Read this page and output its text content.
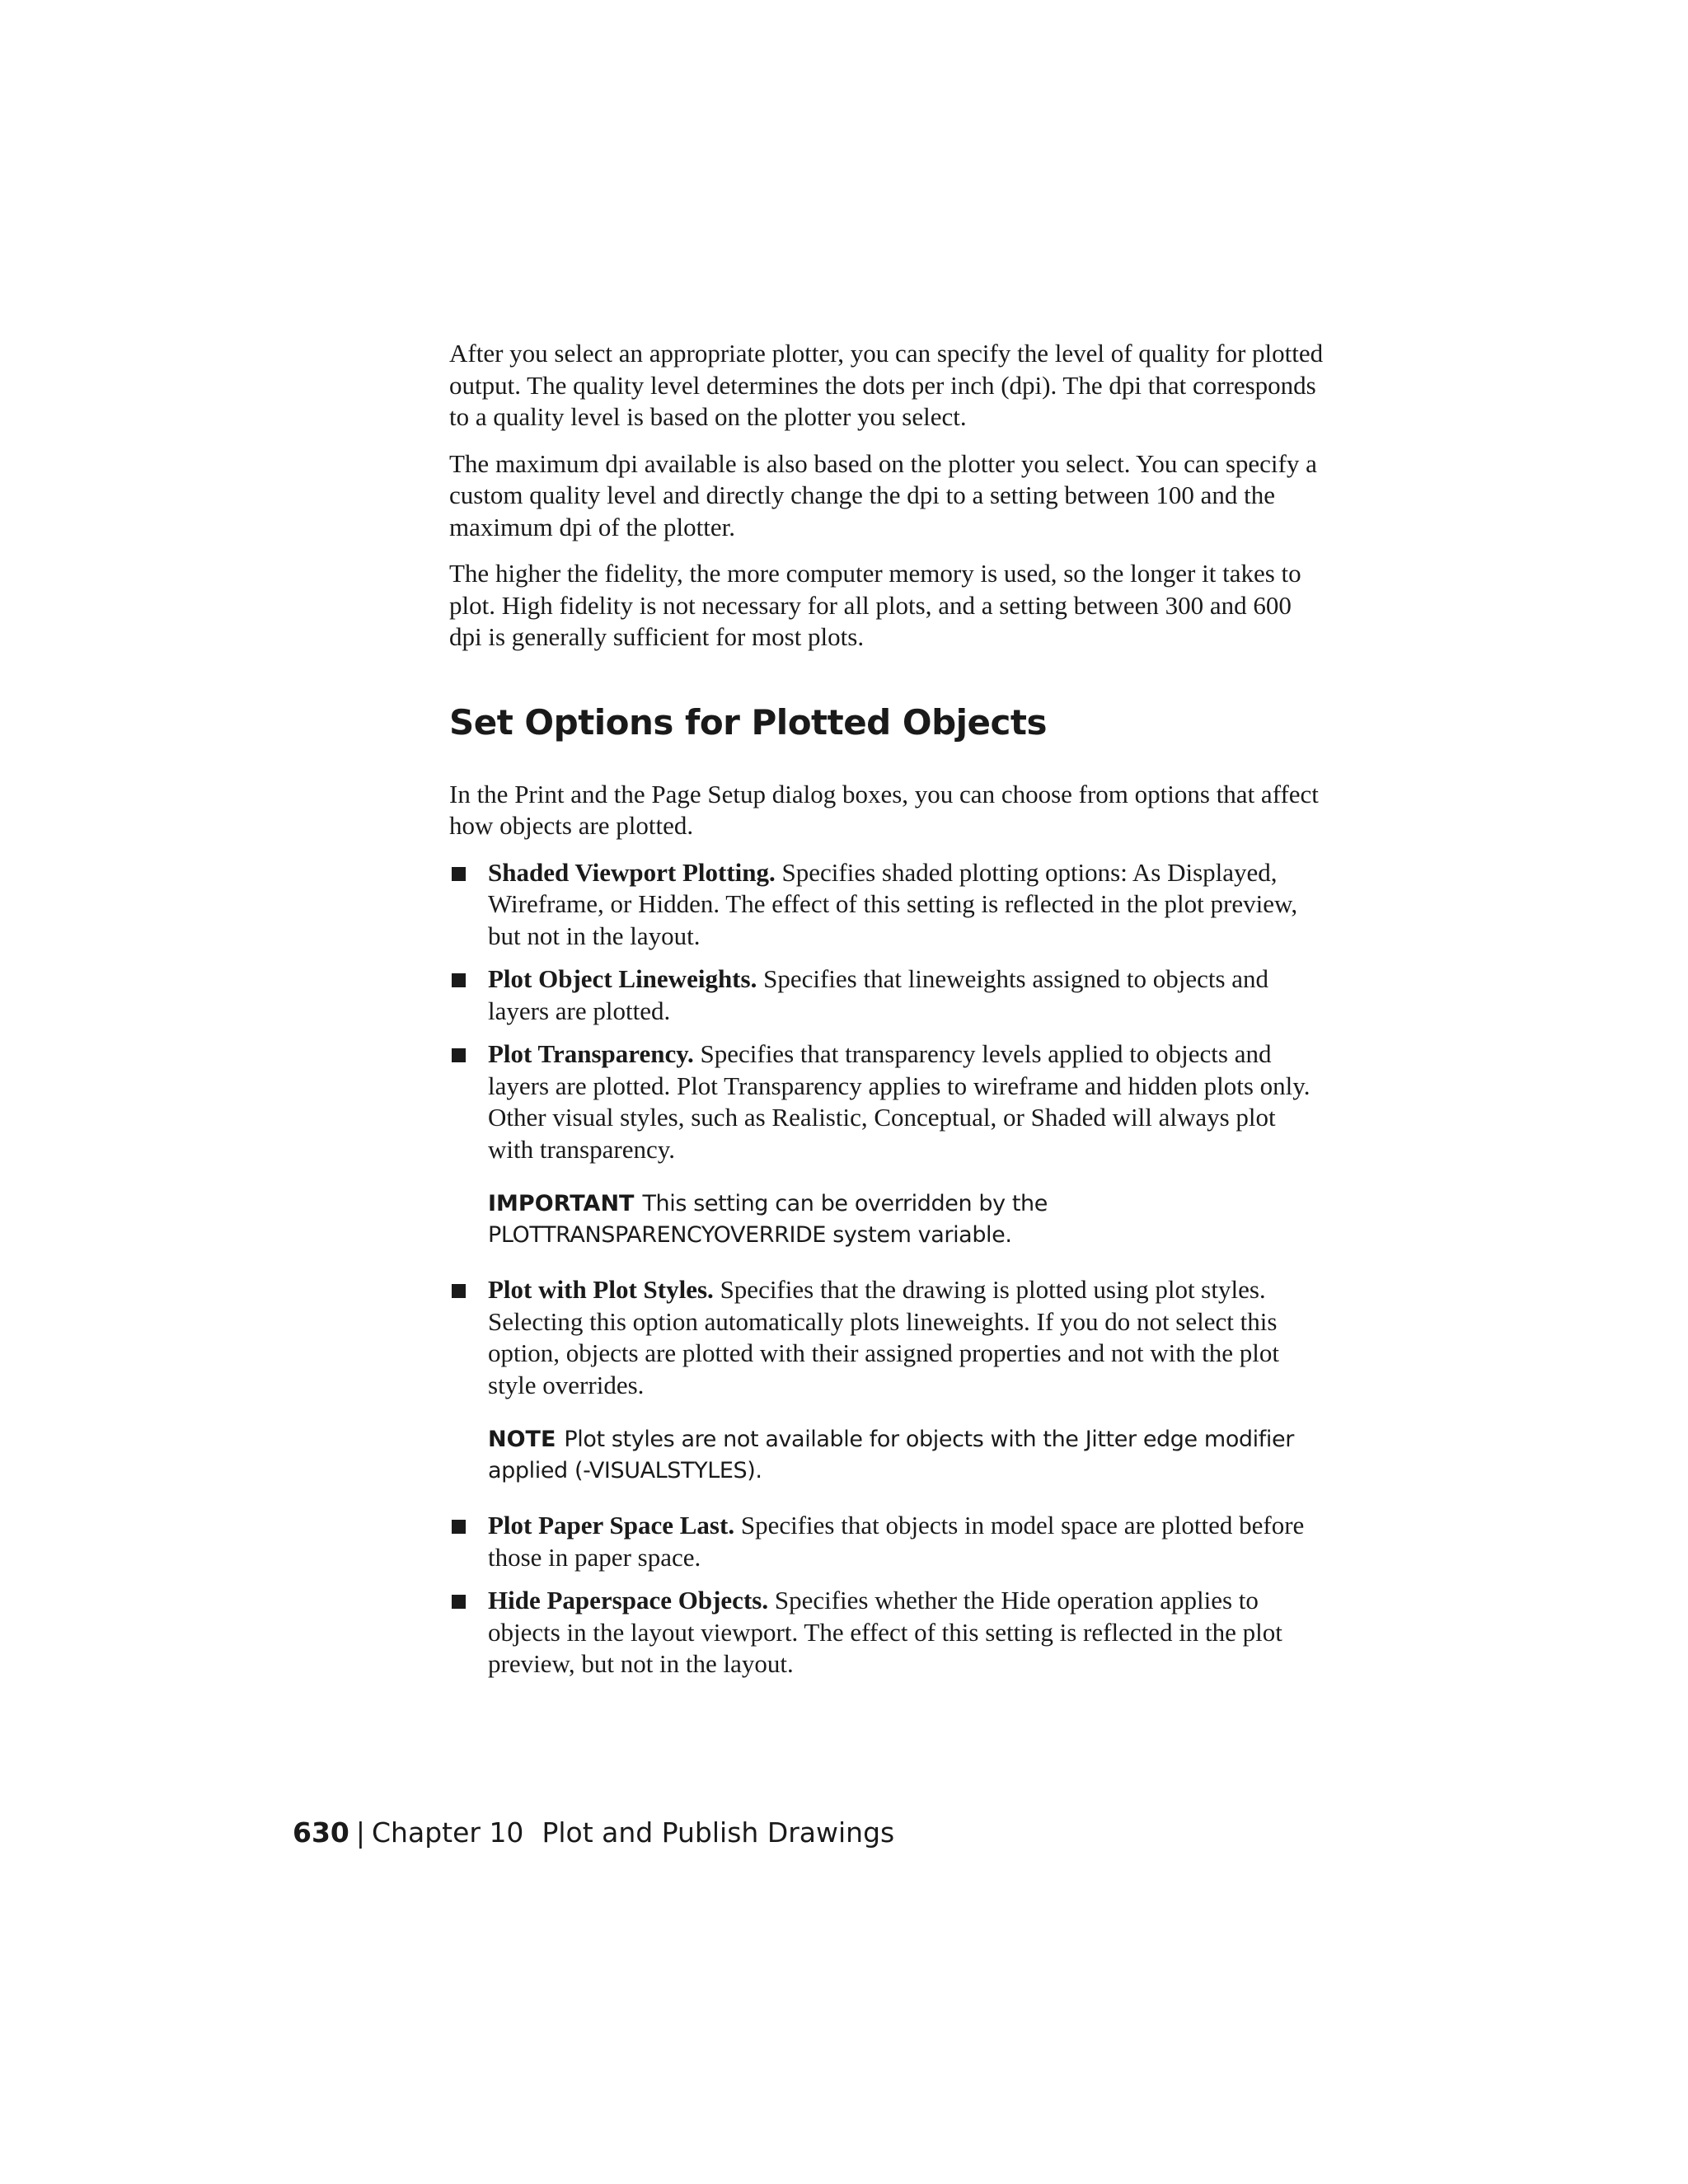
After you select an appropriate plotter, you can specify the level of quality for plotted output. The quality level determines the dots per inch (dpi). The dpi that corresponds to a quality level is based on the plotter you select.

The maximum dpi available is also based on the plotter you select. You can specify a custom quality level and directly change the dpi to a setting between 100 and the maximum dpi of the plotter.

The higher the fidelity, the more computer memory is used, so the longer it takes to plot. High fidelity is not necessary for all plots, and a setting between 300 and 600 dpi is generally sufficient for most plots.

Set Options for Plotted Objects

In the Print and the Page Setup dialog boxes, you can choose from options that affect how objects are plotted.

Shaded Viewport Plotting. Specifies shaded plotting options: As Displayed, Wireframe, or Hidden. The effect of this setting is reflected in the plot preview, but not in the layout.
Plot Object Lineweights. Specifies that lineweights assigned to objects and layers are plotted.
Plot Transparency. Specifies that transparency levels applied to objects and layers are plotted. Plot Transparency applies to wireframe and hidden plots only. Other visual styles, such as Realistic, Conceptual, or Shaded will always plot with transparency.
IMPORTANT This setting can be overridden by the PLOTTRANSPARENCYOVERRIDE system variable.
Plot with Plot Styles. Specifies that the drawing is plotted using plot styles. Selecting this option automatically plots lineweights. If you do not select this option, objects are plotted with their assigned properties and not with the plot style overrides.
NOTE Plot styles are not available for objects with the Jitter edge modifier applied (-VISUALSTYLES).
Plot Paper Space Last. Specifies that objects in model space are plotted before those in paper space.
Hide Paperspace Objects. Specifies whether the Hide operation applies to objects in the layout viewport. The effect of this setting is reflected in the plot preview, but not in the layout.
630 | Chapter 10 Plot and Publish Drawings
